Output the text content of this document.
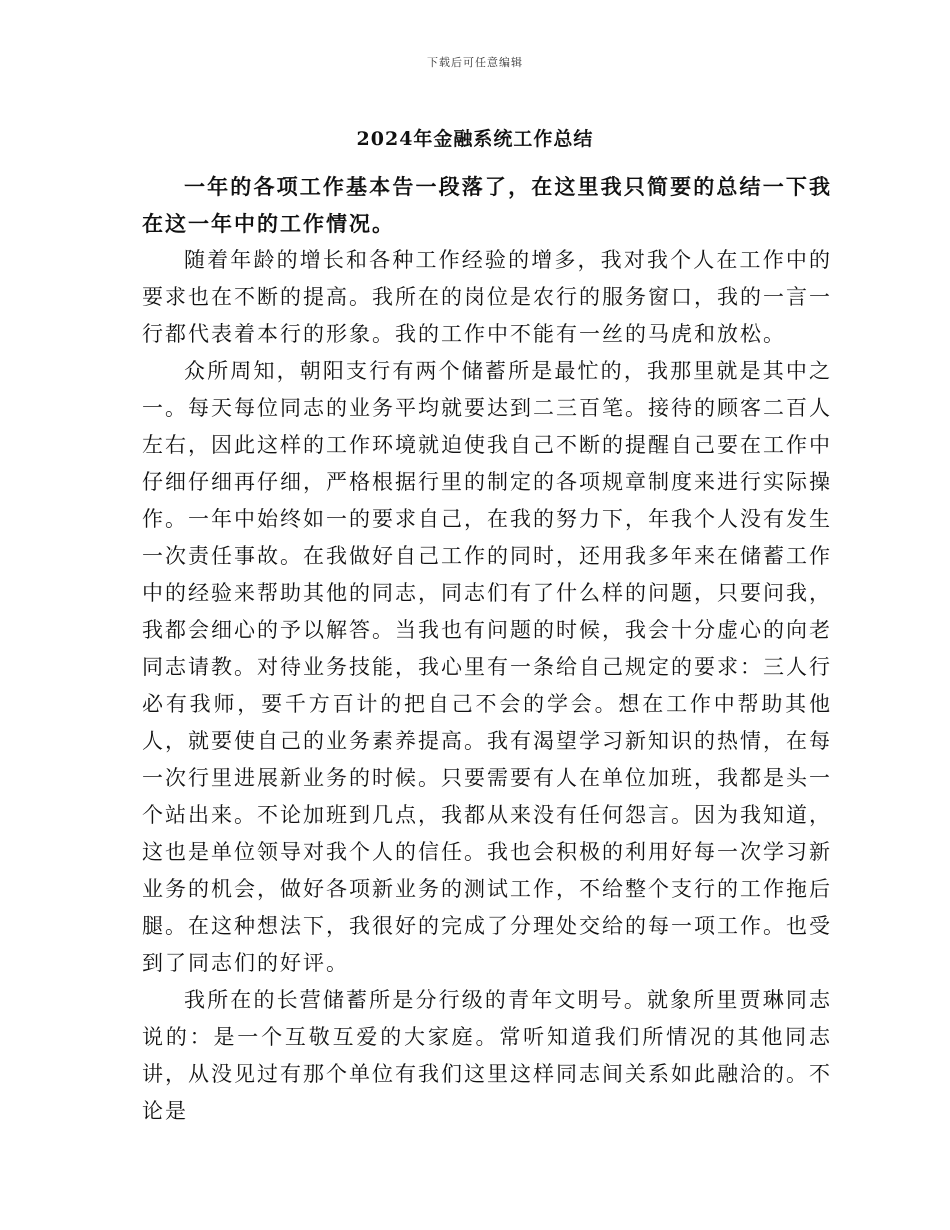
下载后可任意编辑
2024年金融系统工作总结

一年的各项工作基本告一段落了，在这里我只简要的总结一下我在这一年中的工作情况。

随着年龄的增长和各种工作经验的增多，我对我个人在工作中的要求也在不断的提高。我所在的岗位是农行的服务窗口，我的一言一行都代表着本行的形象。我的工作中不能有一丝的马虎和放松。

众所周知，朝阳支行有两个储蓄所是最忙的，我那里就是其中之一。每天每位同志的业务平均就要达到二三百笔。接待的顾客二百人左右，因此这样的工作环境就迫使我自己不断的提醒自己要在工作中仔细仔细再仔细，严格根据行里的制定的各项规章制度来进行实际操作。一年中始终如一的要求自己，在我的努力下，年我个人没有发生一次责任事故。在我做好自己工作的同时，还用我多年来在储蓄工作中的经验来帮助其他的同志，同志们有了什么样的问题，只要问我，我都会细心的予以解答。当我也有问题的时候，我会十分虚心的向老同志请教。对待业务技能，我心里有一条给自己规定的要求：三人行必有我师，要千方百计的把自己不会的学会。想在工作中帮助其他人，就要使自己的业务素养提高。我有渴望学习新知识的热情，在每一次行里进展新业务的时候。只要需要有人在单位加班，我都是头一个站出来。不论加班到几点，我都从来没有任何怨言。因为我知道，这也是单位领导对我个人的信任。我也会积极的利用好每一次学习新业务的机会，做好各项新业务的测试工作，不给整个支行的工作拖后腿。在这种想法下，我很好的完成了分理处交给的每一项工作。也受到了同志们的好评。

我所在的长营储蓄所是分行级的青年文明号。就象所里贾琳同志说的：是一个互敬互爱的大家庭。常听知道我们所情况的其他同志讲，从没见过有那个单位有我们这里这样同志间关系如此融洽的。不论是
